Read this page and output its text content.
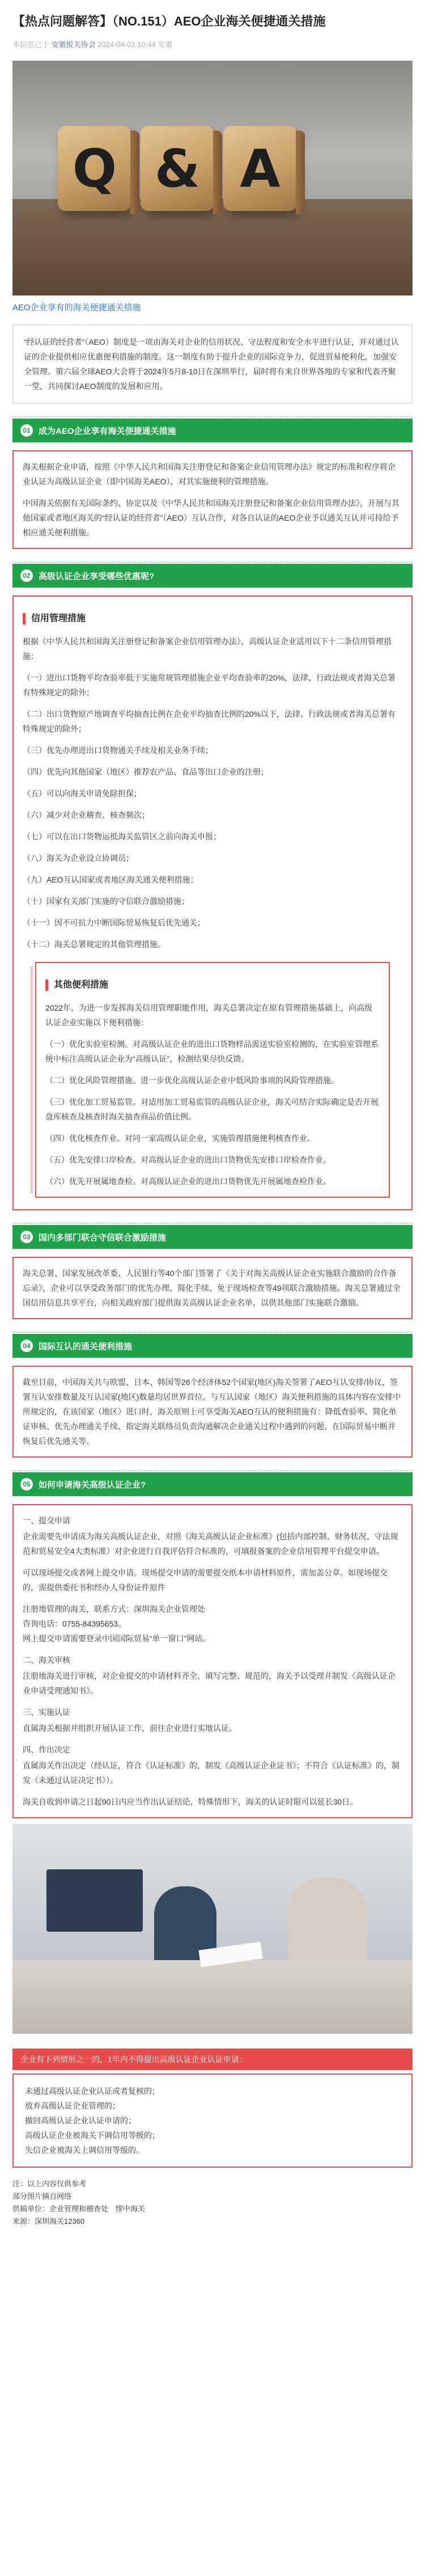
【热点问题解答】（NO.151）AEO企业海关便捷通关措施
本信息已于 安徽报关协会 2024-04-02 10:44 安徽
Q & A
AEO企业享有的海关便捷通关措施
“经认证的经营者”（AEO）制度是一项由海关对企业的信用状况、守法程度和安全水平进行认证，并对通过认证的企业提供相应优惠便利措施的制度。这一制度有助于提升企业的国际竞争力，促进贸易便利化，加强安全管理。第六届全球AEO大会将于2024年5月8-10日在深圳举行，届时将有来自世界各地的专家和代表齐聚一堂，共同探讨AEO制度的发展和应用。
01 成为AEO企业享有海关便捷通关措施

海关根据企业申请，按照《中华人民共和国海关注册登记和备案企业信用管理办法》规定的标准和程序将企业认证为高级认证企业（即中国海关AEO），对其实施便利的管理措施。

中国海关依据有关国际条约、协定以及《中华人民共和国海关注册登记和备案企业信用管理办法》，开展与其他国家或者地区海关的“经认证的经营者”（AEO）互认合作，对各自认证的AEO企业予以通关互认并可持给予相应通关便利措施。

02 高级认证企业享受哪些优惠呢?
信用管理措施

根据《中华人民共和国海关注册登记和备案企业信用管理办法》，高级认证企业适用以下十二条信用管理措施：

（一）进出口货物平均查验率低于实施常规管理措施企业平均查验率的20%，法律、行政法规或者海关总署有特殊规定的除外；

（二）出口货物原产地调查平均抽查比例在企业平均抽查比例的20%以下，法律、行政法规或者海关总署有特殊规定的除外；

（三）优先办理进出口货物通关手续及相关业务手续；

（四）优先向其他国家（地区）推荐农产品、食品等出口企业的注册；

（五）可以向海关申请免除担保；

（六）减少对企业稽查、核查频次；

（七）可以在出口货物运抵海关监管区之前向海关申报；

（八）海关为企业设立协调员；

（九）AEO互认国家或者地区海关通关便利措施；

（十）国家有关部门实施的守信联合激励措施；

（十一）因不可抗力中断国际贸易恢复后优先通关；

（十二）海关总署规定的其他管理措施。

其他便利措施

2022年，为进一步发挥海关信用管理职能作用，海关总署决定在原有管理措施基础上，向高级认证企业实施以下便利措施：

（一）优化实验室检测。对高级认证企业的进出口货物样品需送实验室检测的，在实验室管理系统中标注高级认证企业为“高级认证”，检测结果尽快反馈。

（二）优化风险管理措施。进一步优化高级认证企业中低风险事项的风险管理措施。

（三）优化加工贸易监管。对适用加工贸易监管的高级认证企业，海关可结合实际确定是否开展盘库核查及核查时海关抽查商品价值比例。

（四）优化核查作业。对同一家高级认证企业，实施管理措施便利核查作业。

（五）优先安排口岸检查。对高级认证企业的进出口货物优先安排口岸检查作业。

（六）优先开展属地查检。对高级认证企业的进出口货物优先开展属地查检作业。

03 国内多部门联合守信联合激励措施

海关总署、国家发展改革委、人民银行等40个部门签署了《关于对海关高级认证企业实施联合激励的合作备忘录》，企业可以享受政务部门的优先办理、简化手续、免于现场检查等49项联合激励措施。海关总署通过全国信用信息共享平台，向相关政府部门提供海关高级认证企业名单，以供其他部门实施联合激励。

04 国际互认的通关便利措施

截至目前，中国海关共与欧盟、日本、韩国等26个经济体52个国家(地区)海关签署了AEO互认安排/协议，签署互认安排数量及互认国家(地区)数量均居世界首位。与互认国家（地区）海关便利措施的具体内容在安排中所规定的，在该国家（地区）进口时，海关原则上可享受海关AEO互认的便利措施有：降低查验率、简化单证审核、优先办理通关手续、指定海关联络员负责沟通解决企业通关过程中遇到的问题、在国际贸易中断并恢复后优先通关等。

05 如何申请海关高级认证企业?

一、提交申请

企业需要先申请成为海关高级认证企业，对照《海关高级认证企业标准》(包括内部控制、财务状况、守法规范和贸易安全4大类标准）对企业进行自我评估符合标准的，可填报备案的企业信用管理平台提交申请。

可以现场提交或者网上提交申请。现场提交申请的需要提交纸本申请材料原件，需加盖公章。如现场提交的，需提供委托书和经办人身份证件原件

注册地管理的海关，联系方式：深圳海关企业管理处

咨询电话：0755-84395653。

网上提交申请需要登录中国国际贸易“单一窗口”网站。

二、海关审核

注册地海关进行审核，对企业提交的申请材料齐全、填写完整、规范的，海关予以受理并制发《高级认证企业申请受理通知书》。

三、实施认证

直属海关根据并组织开展认证工作，前往企业进行实地认证。

四、作出决定

直属海关作出决定（经认证，符合《认证标准》的，制发《高级认证企业证书》；不符合《认证标准》的，制发《未通过认证决定书》）。

海关自收到申请之日起90日内应当作出认证结论，特殊情形下，海关的认证时限可以延长30日。

企业有下列情形之一的，1年内不得提出高级认证企业认证申请：

未通过高级认证企业认证或者复核的；

放弃高级认证企业管理的；

撤回高级认证企业认证申请的；

高级认证企业被海关下调信用等级的；

失信企业被海关上调信用等级的。

注：以上内容仅供参考
部分图片摘自网络
供稿单位：企业管理和稽查处　缪中海关
来源：深圳海关12360
